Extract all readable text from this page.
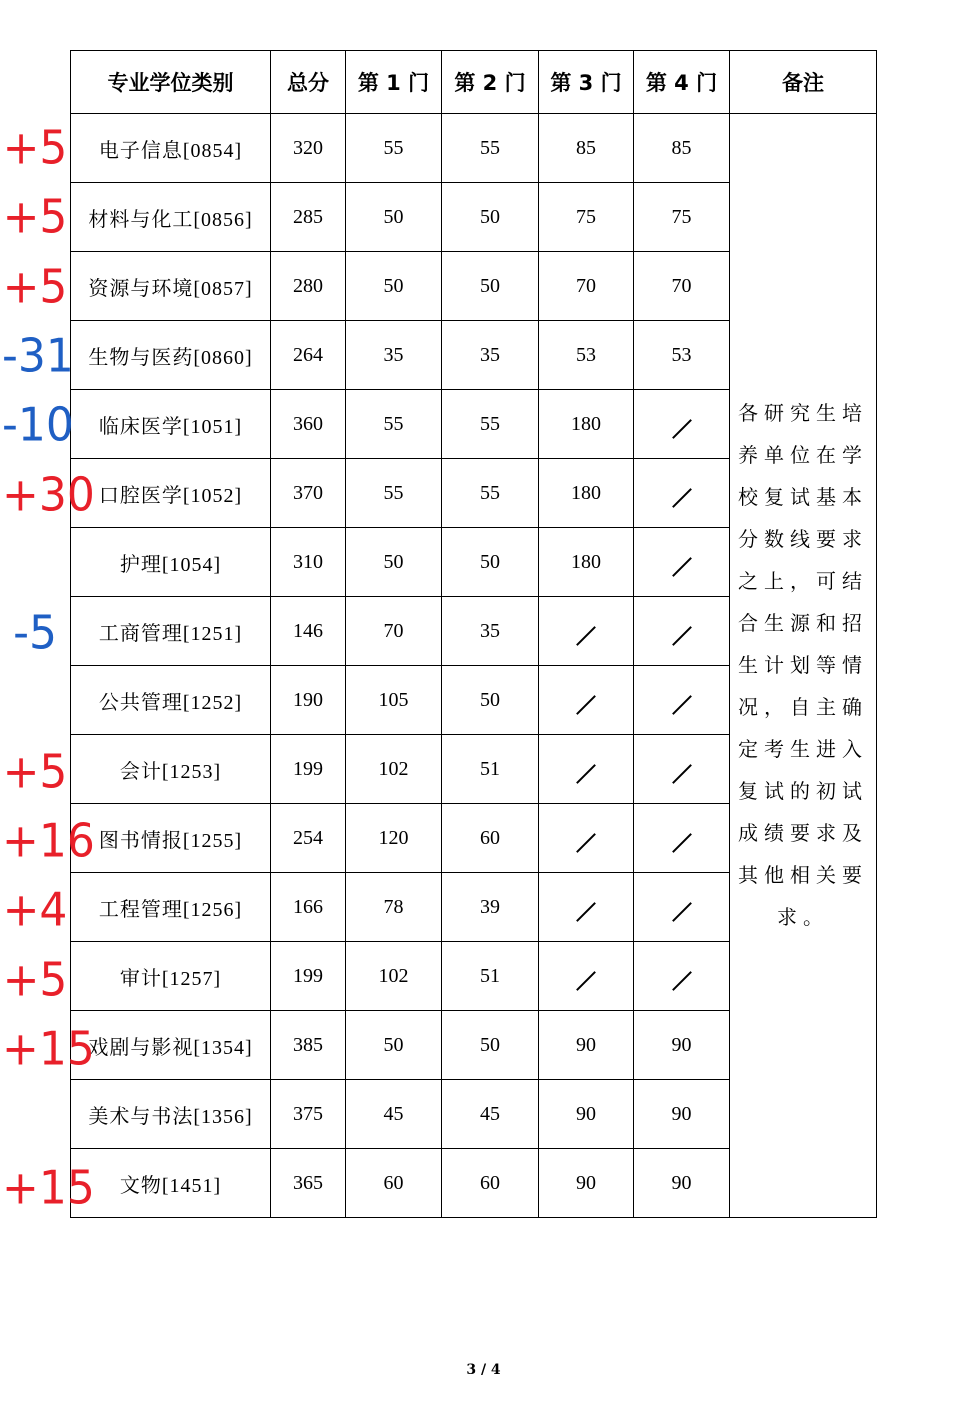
专业学位类别	总分	第 1 门	第 2 门	第 3 门	第 4 门	备注
电子信息[0854]	320	55	55	85	85	各研究生培养单位在学校复试基本分数线要求之上，可结合生源和招生计划等情况，自主确定考生进入复试的初试成绩要求及其他相关要求。
材料与化工[0856]	285	50	50	75	75	
资源与环境[0857]	280	50	50	70	70	
生物与医药[0860]	264	35	35	53	53	
临床医学[1051]	360	55	55	180		
口腔医学[1052]	370	55	55	180		
护理[1054]	310	50	50	180		
工商管理[1251]	146	70	35			
公共管理[1252]	190	105	50			
会计[1253]	199	102	51			
图书情报[1255]	254	120	60			
工程管理[1256]	166	78	39			
审计[1257]	199	102	51			
戏剧与影视[1354]	385	50	50	90	90	
美术与书法[1356]	375	45	45	90	90	
文物[1451]	365	60	60	90	90	
+5
+5
+5
-31
-10
+30
-5
+5
+16
+4
+5
+15
+15
3 / 4
